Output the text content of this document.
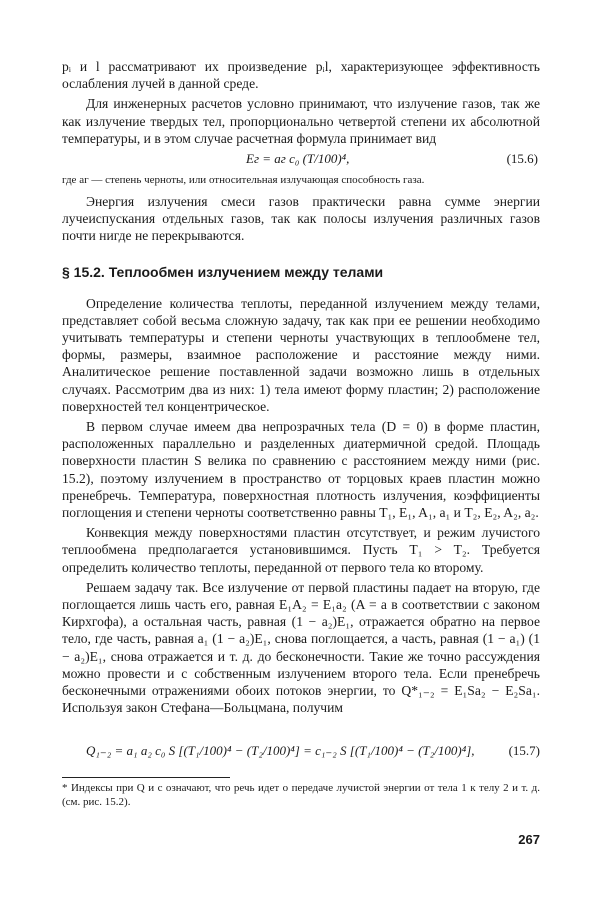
pᵢ и l рассматривают их произведение pᵢl, характеризующее эффективность ослабления лучей в данной среде.

Для инженерных расчетов условно принимают, что излучение газов, так же как излучение твердых тел, пропорционально четвертой степени их абсолютной температуры, и в этом случае расчетная формула принимает вид

Eг = aг c₀ (T/100)⁴,	(15.6)

где aг — степень черноты, или относительная излучающая способность газа.

Энергия излучения смеси газов практически равна сумме энергии лучеиспускания отдельных газов, так как полосы излучения различных газов почти нигде не перекрываются.

§ 15.2. Теплообмен излучением между телами

Определение количества теплоты, переданной излучением между телами, представляет собой весьма сложную задачу, так как при ее решении необходимо учитывать температуры и степени черноты участвующих в теплообмене тел, формы, размеры, взаимное расположение и расстояние между ними. Аналитическое решение поставленной задачи возможно лишь в отдельных случаях. Рассмотрим два из них: 1) тела имеют форму пластин; 2) расположение поверхностей тел концентрическое.

В первом случае имеем два непрозрачных тела (D = 0) в форме пластин, расположенных параллельно и разделенных диатермичной средой. Площадь поверхности пластин S велика по сравнению с расстоянием между ними (рис. 15.2), поэтому излучением в пространство от торцовых краев пластин можно пренебречь. Температура, поверхностная плотность излучения, коэффициенты поглощения и степени черноты соответственно равны T₁, E₁, A₁, a₁ и T₂, E₂, A₂, a₂.

Конвекция между поверхностями пластин отсутствует, и режим лучистого теплообмена предполагается установившимся. Пусть T₁ > T₂. Требуется определить количество теплоты, переданной от первого тела ко второму.

Решаем задачу так. Все излучение от первой пластины падает на вторую, где поглощается лишь часть его, равная E₁A₂ = E₁a₂ (A = a в соответствии с законом Кирхгофа), а остальная часть, равная (1 − a₂)E₁, отражается обратно на первое тело, где часть, равная a₁ (1 − a₂)E₁, снова поглощается, а часть, равная (1 − a₁) (1 − a₂)E₁, снова отражается и т. д. до бесконечности. Такие же точно рассуждения можно провести и с собственным излучением второго тела. Если пренебречь бесконечными отражениями обоих потоков энергии, то Q*₁₋₂ = E₁Sa₂ − E₂Sa₁. Используя закон Стефана—Больцмана, получим

Q₁₋₂ = a₁ a₂ c₀ S [(T₁/100)⁴ − (T₂/100)⁴] = c₁₋₂ S [(T₁/100)⁴ − (T₂/100)⁴],	(15.7)

* Индексы при Q и с означают, что речь идет о передаче лучистой энергии от тела 1 к телу 2 и т. д. (см. рис. 15.2).

267
